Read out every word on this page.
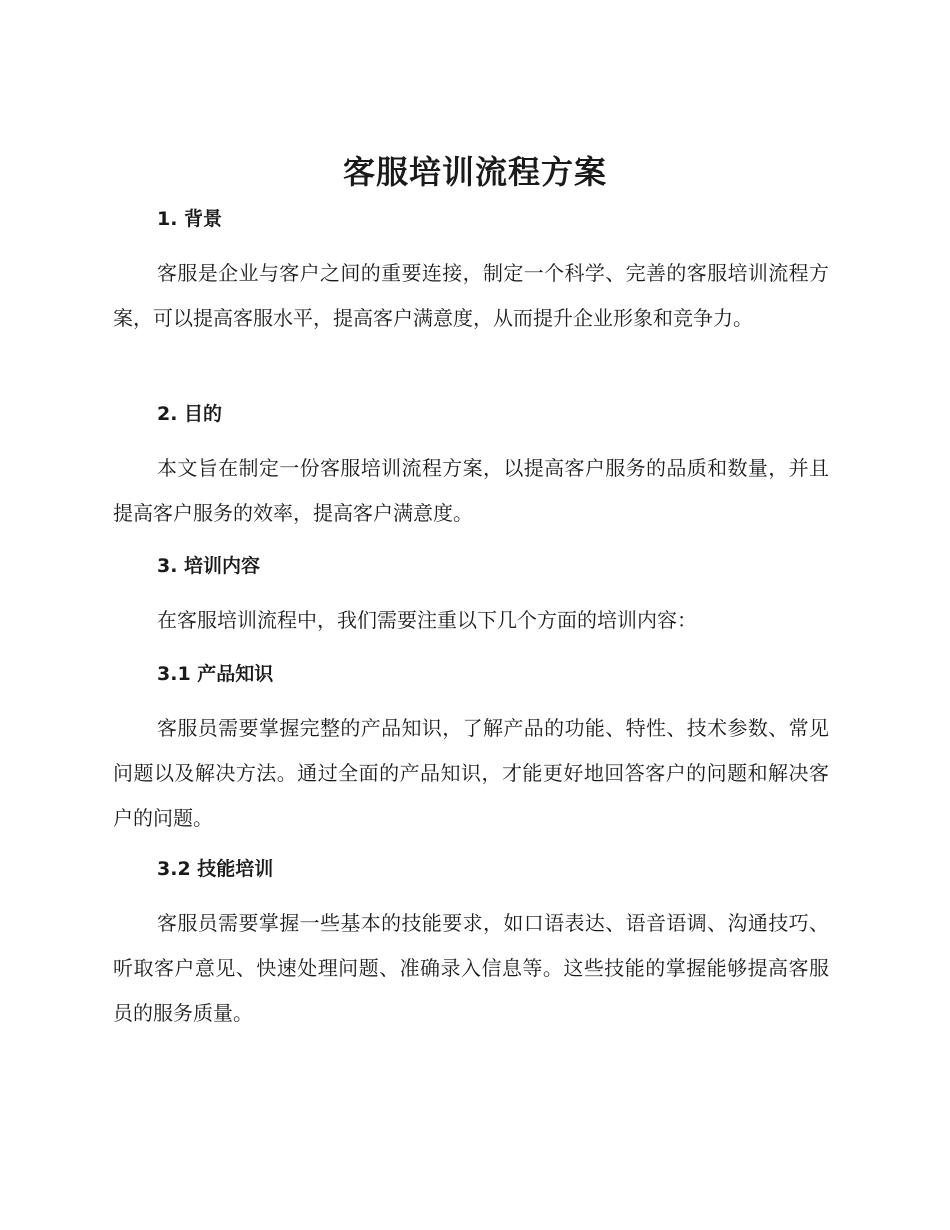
客服培训流程方案
1. 背景

客服是企业与客户之间的重要连接，制定一个科学、完善的客服培训流程方案，可以提高客服水平，提高客户满意度，从而提升企业形象和竞争力。

2. 目的

本文旨在制定一份客服培训流程方案，以提高客户服务的品质和数量，并且提高客户服务的效率，提高客户满意度。

3. 培训内容

在客服培训流程中，我们需要注重以下几个方面的培训内容：

3.1 产品知识

客服员需要掌握完整的产品知识，了解产品的功能、特性、技术参数、常见问题以及解决方法。通过全面的产品知识，才能更好地回答客户的问题和解决客户的问题。

3.2 技能培训

客服员需要掌握一些基本的技能要求，如口语表达、语音语调、沟通技巧、听取客户意见、快速处理问题、准确录入信息等。这些技能的掌握能够提高客服员的服务质量。
